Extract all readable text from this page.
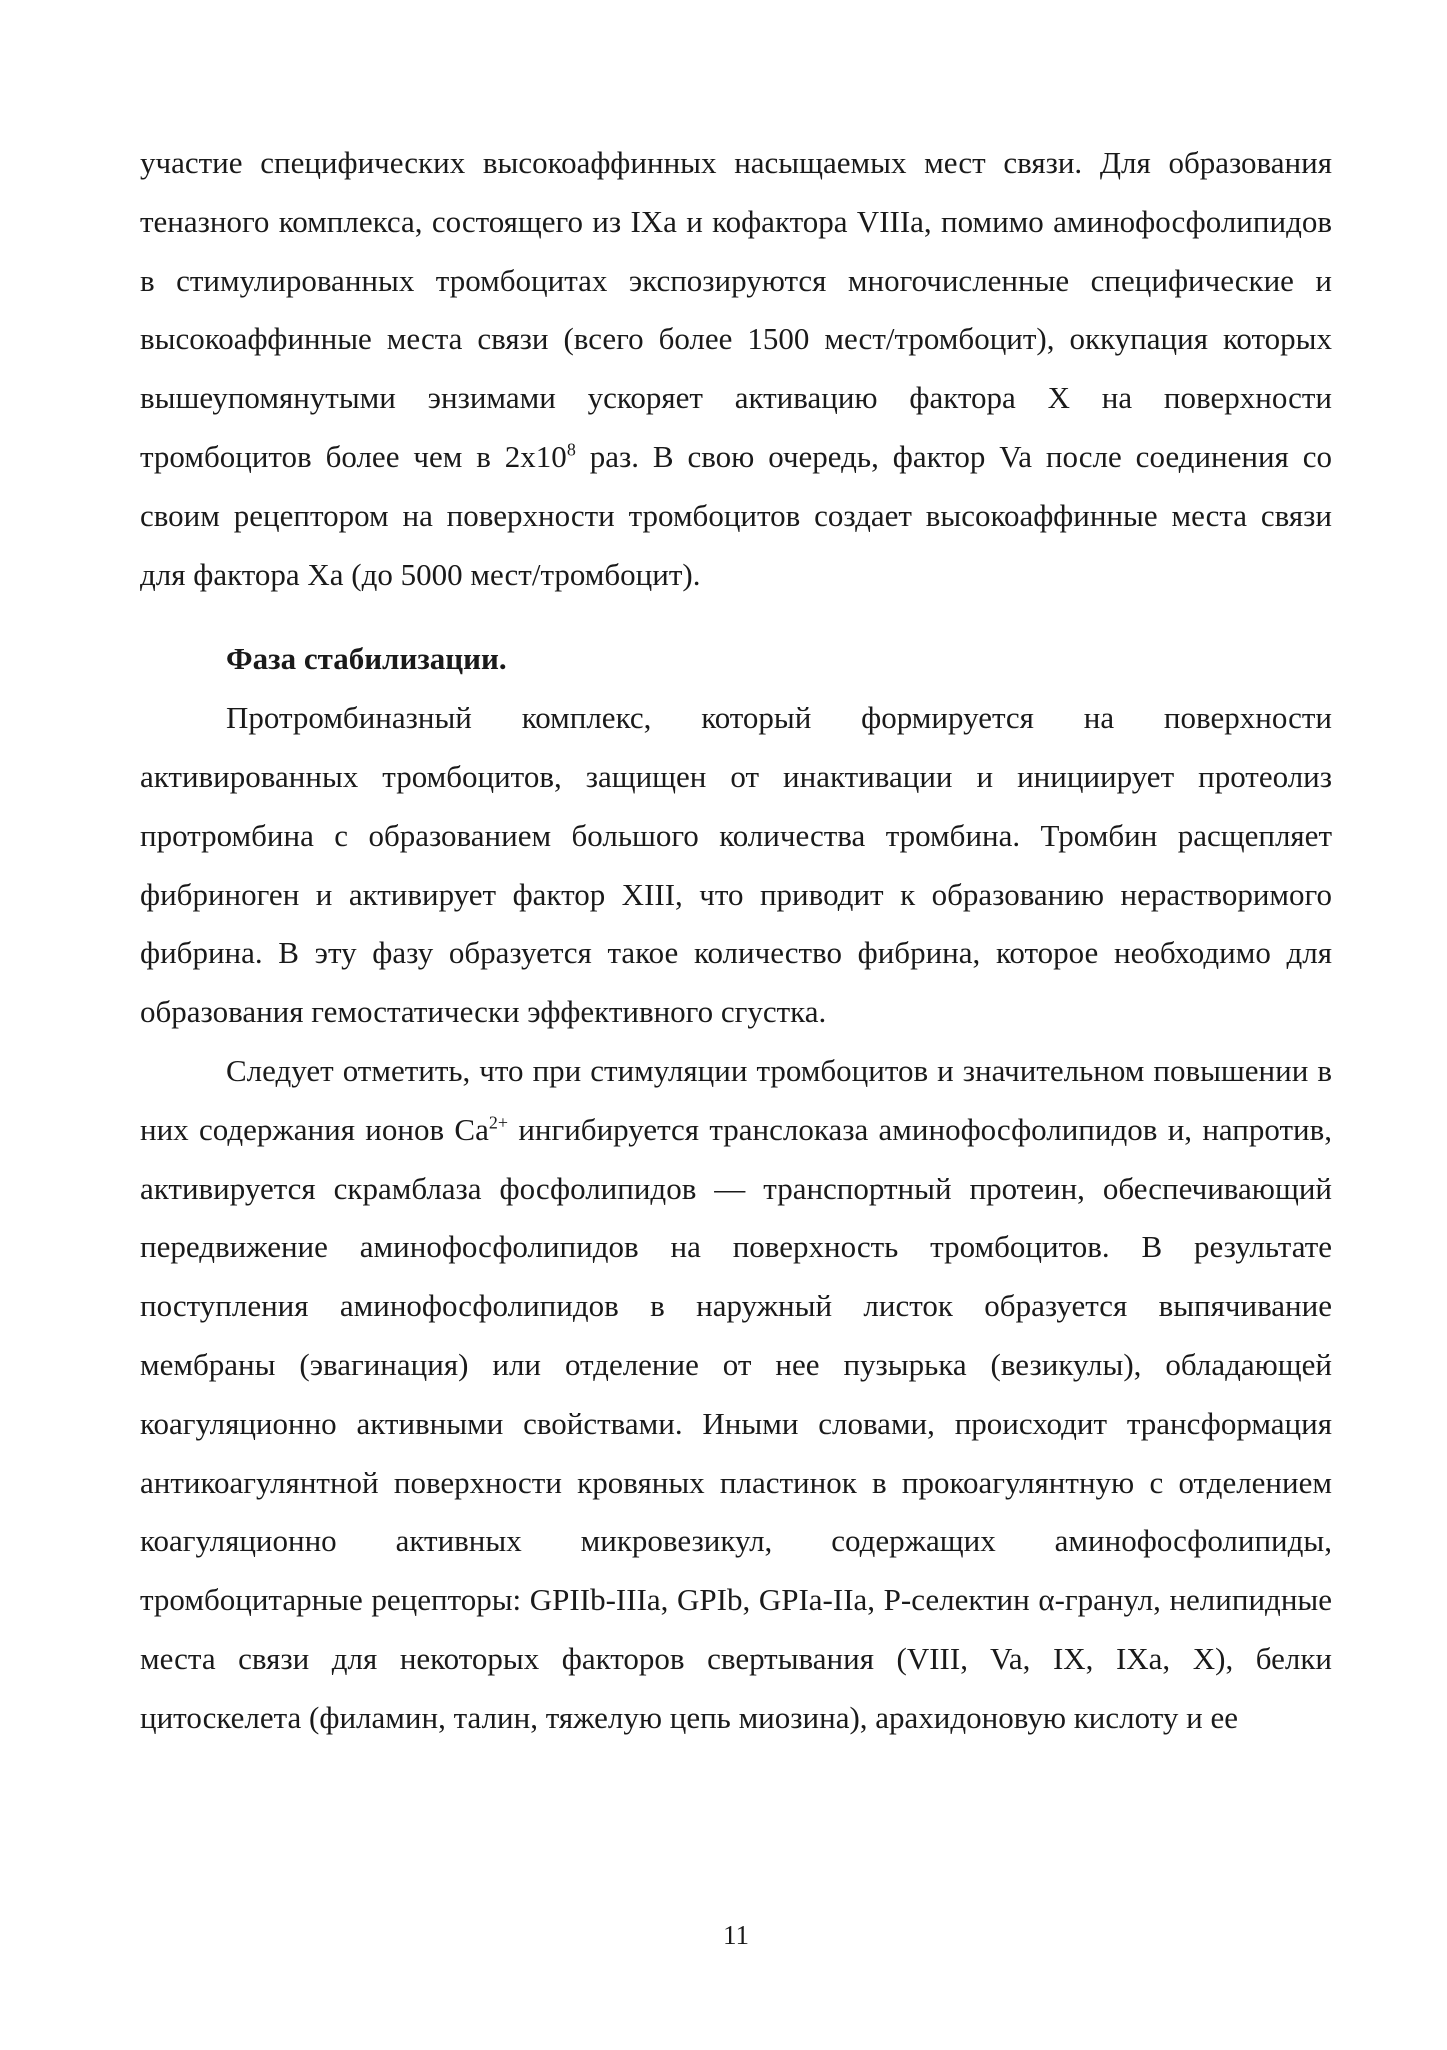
участие специфических высокоаффинных насыщаемых мест связи. Для образования теназного комплекса, состоящего из IXa и кофактора VIIIa, помимо аминофосфолипидов в стимулированных тромбоцитах экспозируются многочисленные специфические и высокоаффинные места связи (всего более 1500 мест/тромбоцит), оккупация которых вышеупомянутыми энзимами ускоряет активацию фактора X на поверхности тромбоцитов более чем в $2х10^8$ раз. В свою очередь, фактор Va после соединения со своим рецептором на поверхности тромбоцитов создает высокоаффинные места связи для фактора Xa (до 5000 мест/тромбоцит).

Фаза стабилизации.

Протромбиназный комплекс, который формируется на поверхности активированных тромбоцитов, защищен от инактивации и инициирует протеолиз протромбина с образованием большого количества тромбина. Тромбин расщепляет фибриноген и активирует фактор XIII, что приводит к образованию нерастворимого фибрина. В эту фазу образуется такое количество фибрина, которое необходимо для образования гемостатически эффективного сгустка.

Следует отметить, что при стимуляции тромбоцитов и значительном повышении в них содержания ионов $Ca^{2+}$ ингибируется транслоказа аминофосфолипидов и, напротив, активируется скрамблаза фосфолипидов — транспортный протеин, обеспечивающий передвижение аминофосфолипидов на поверхность тромбоцитов. В результате поступления аминофосфолипидов в наружный листок образуется выпячивание мембраны (эвагинация) или отделение от нее пузырька (везикулы), обладающей коагуляционно активными свойствами. Иными словами, происходит трансформация антикоагулянтной поверхности кровяных пластинок в прокоагулянтную с отделением коагуляционно активных микровезикул, содержащих аминофосфолипиды, тромбоцитарные рецепторы: GPIIb-IIIa, GPIb, GPIa-IIa, P-селектин α-гранул, нелипидные места связи для некоторых факторов свертывания (VIII, Va, IX, IXa, X), белки цитоскелета (филамин, талин, тяжелую цепь миозина), арахидоновую кислоту и ее

11
